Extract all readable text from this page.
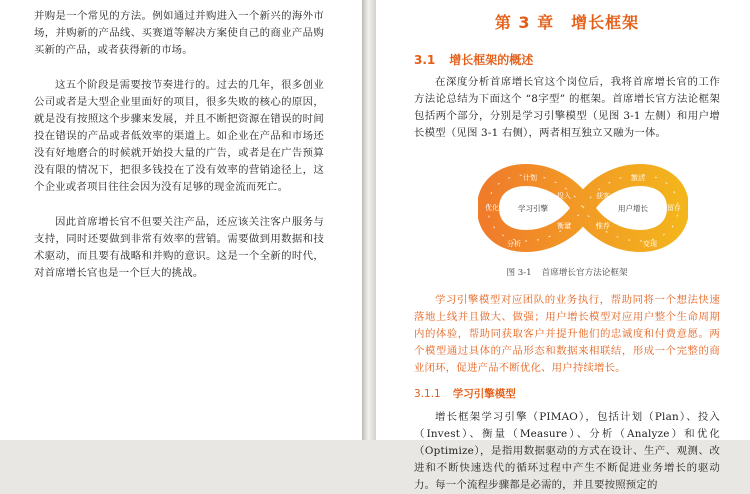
并购是一个常见的方法。例如通过并购进入一个新兴的海外市场，并购新的产品线、买赛道等解决方案使自己的商业产品购买新的产品，或者获得新的市场。

这五个阶段是需要按节奏进行的。过去的几年，很多创业公司或者是大型企业里面好的项目，很多失败的核心的原因，就是没有按照这个步骤来发展，并且不断把资源在错误的时间投在错误的产品或者低效率的渠道上。如企业在产品和市场还没有好地磨合的时候就开始投大量的广告，或者是在广告预算没有限的情况下，把很多钱投在了没有效率的营销途径上，这个企业或者项目往往会因为没有足够的现金流而死亡。

因此首席增长官不但要关注产品，还应该关注客户服务与支持，同时还要做到非常有效率的营销。需要做到用数据和技术驱动，而且要有战略和并购的意识。这是一个全新的时代，对首席增长官也是一个巨大的挑战。

第 3 章　增长框架
3.1 增长框架的概述

在深度分析首席增长官这个岗位后，我将首席增长官的工作方法论总结为下面这个 “8字型” 的框架。首席增长官方法论框架包括两个部分，分别是学习引擎模型（见图 3-1 左侧）和用户增长模型（见图 3-1 右侧），两者相互独立又融为一体。

计划
投入
衡量
分析
优化
获客
激活
留存
变现
推荐
学习引擎	用户增长
图 3-1 首席增长官方法论框架

学习引擎模型对应团队的业务执行，帮助同将一个想法快速落地上线并且做大、做强；用户增长模型对应用户整个生命周期内的体验，帮助同获取客户并提升他们的忠诚度和付费意愿。两个模型通过具体的产品形态和数据来相联结，形成一个完整的商业闭环，促进产品不断优化、用户持续增长。

3.1.1 学习引擎模型

增长框架学习引擎（PIMAO），包括计划（Plan）、投入（Invest）、衡量（Measure）、分析（Analyze）和优化（Optimize），是指用数据驱动的方式在设计、生产、观测、改进和不断快速迭代的循环过程中产生不断促进业务增长的驱动力。每一个流程步骤都是必需的，并且要按照预定的
